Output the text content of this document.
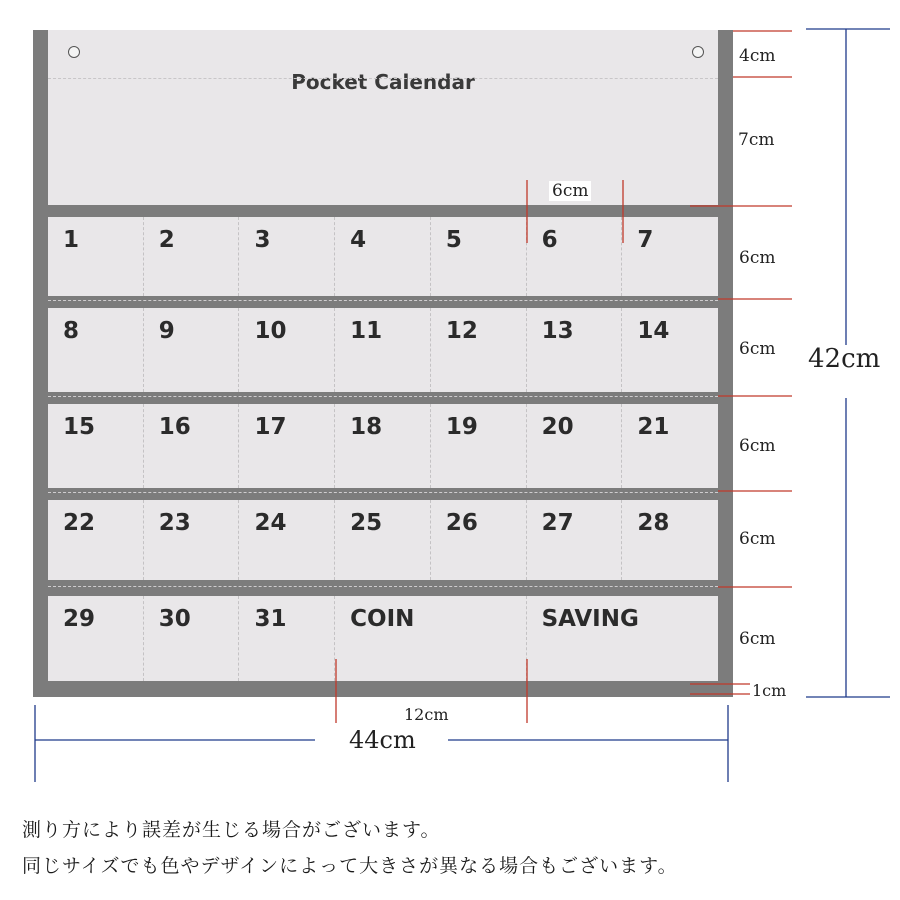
Pocket Calendar
1	2	3	4	5	6	7
8	9	10	11	12	13	14
15	16	17	18	19	20	21
22	23	24	25	26	27	28
29	30	31	COIN	SAVING
4cm
7cm
6cm
6cm
6cm
6cm
6cm
6cm
1cm
42cm
12cm
44cm
測り方により誤差が生じる場合がございます。
同じサイズでも色やデザインによって大きさが異なる場合もございます。
